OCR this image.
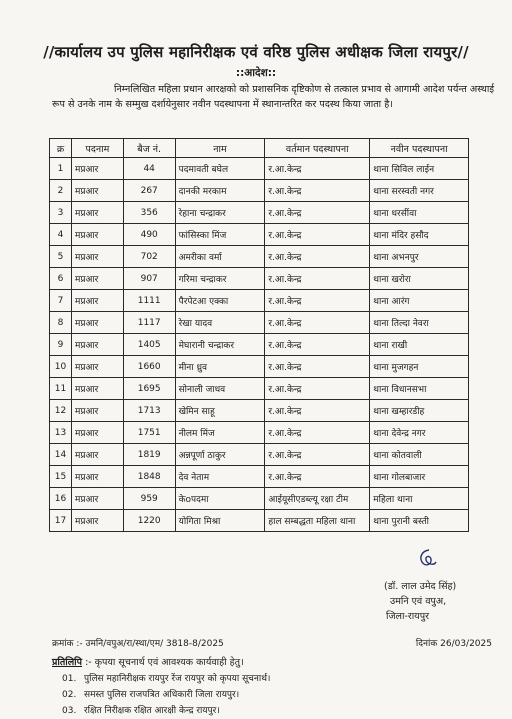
//कार्यालय उप पुलिस महानिरीक्षक एवं वरिष्ठ पुलिस अधीक्षक जिला रायपुर//
::आदेश::
निम्नलिखित महिला प्रधान आरक्षको को प्रशासनिक दृष्टिकोण से तत्काल प्रभाव से आगामी आदेश पर्यन्त अस्थाई रूप से उनके नाम के सम्मुख दर्शायेनुसार नवीन पदस्थापना में स्थानान्तरित कर पदस्थ किया जाता है।
क्र	पदनाम	बैज नं.	नाम	वर्तमान पदस्थापना	नवीन पदस्थापना
1	मप्रआर	44	पदमावती बघेल	र.आ.केन्द्र	थाना सिविल लाईन
2	मप्रआर	267	दानकी मरकाम	र.आ.केन्द्र	थाना सरस्वती नगर
3	मप्रआर	356	रेहाना चन्द्राकर	र.आ.केन्द्र	थाना धरसींवा
4	मप्रआर	490	फांसिस्का मिंज	र.आ.केन्द्र	थाना मंदिर हसौद
5	मप्रआर	702	अमरीका वर्मा	र.आ.केन्द्र	थाना अभनपुर
6	मप्रआर	907	गरिमा चन्द्राकर	र.आ.केन्द्र	थाना खरोरा
7	मप्रआर	1111	पैरपेटआ एक्का	र.आ.केन्द्र	थाना आरंग
8	मप्रआर	1117	रेखा यादव	र.आ.केन्द्र	थाना तिल्दा नेवरा
9	मप्रआर	1405	मेघारानी चन्द्राकर	र.आ.केन्द्र	थाना राखी
10	मप्रआर	1660	मीना ध्रुव	र.आ.केन्द्र	थाना मुजगहन
11	मप्रआर	1695	सोनाली जाधव	र.आ.केन्द्र	थाना विधानसभा
12	मप्रआर	1713	खेमिन साहू	र.आ.केन्द्र	थाना खम्हारडीह
13	मप्रआर	1751	नीलम मिंज	र.आ.केन्द्र	थाना देवेन्द्र नगर
14	मप्रआर	1819	अन्नपूर्णा ठाकुर	र.आ.केन्द्र	थाना कोतवाली
15	मप्रआर	1848	देव नेताम	र.आ.केन्द्र	थाना गोलबाजार
16	मप्रआर	959	केoपदमा	आईयूसीएडब्ल्यू रक्षा टीम	महिला थाना
17	मप्रआर	1220	योगिता मिश्रा	हाल सम्बद्धता महिला थाना	थाना पुरानी बस्ती
(डॉ. लाल उमेद सिंह)
उमनि एवं वपुअ,
जिला-रायपुर
क्रमांक :- उमनि/वपुअ/रा/स्था/एम/ 3818-8/2025	दिनांक 26/03/2025
प्रतिलिपि :- कृपया सूचनार्थ एवं आवश्यक कार्यवाही हेतु।
01. पुलिस महानिरीक्षक रायपुर रेंज रायपुर को कृपया सूचनार्थ।
02. समस्त पुलिस राजपत्रित अधिकारी जिला रायपुर।
03. रक्षित निरीक्षक रक्षित आरक्षी केन्द्र रायपुर।
